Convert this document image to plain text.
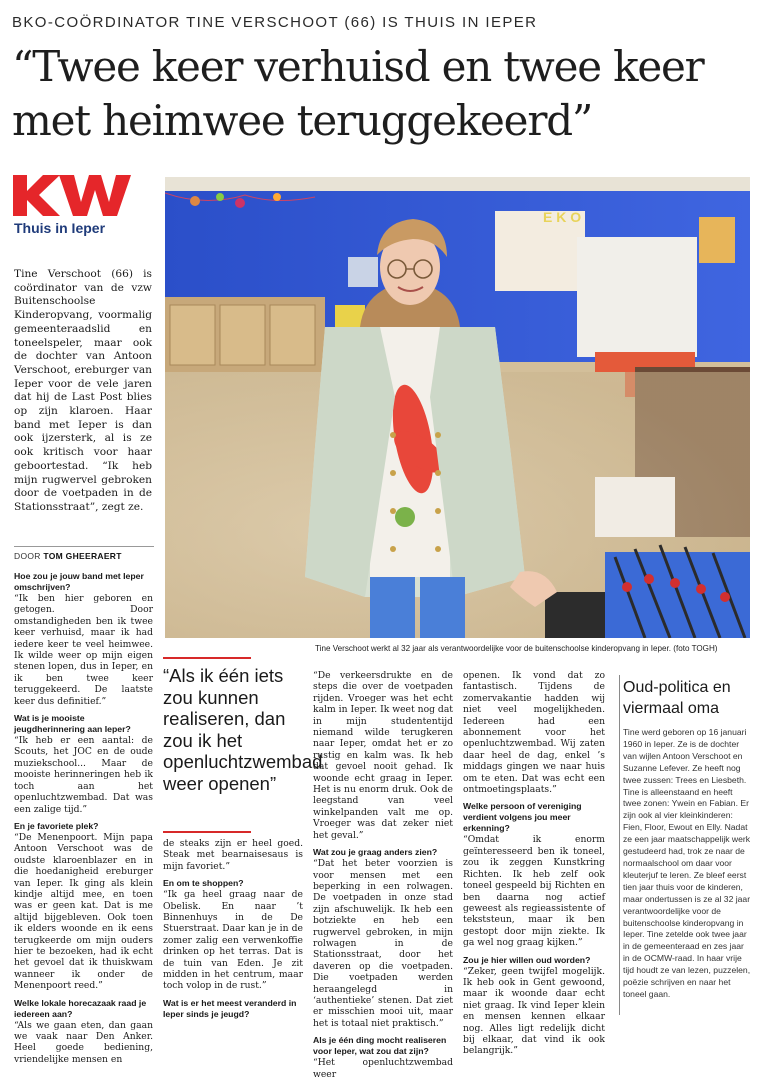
BKO-COÖRDINATOR TINE VERSCHOOT (66) IS THUIS IN IEPER
“Twee keer verhuisd en twee keer
met heimwee teruggekeerd”
Thuis in Ieper
E K O
Tine Verschoot werkt al 32 jaar als verantwoordelijke voor de buitenschoolse kinderopvang in Ieper. (foto TOGH)
Tine Verschoot (66) is coördinator van de vzw Buitenschoolse Kinderopvang, voormalig gemeenteraadslid en toneelspeler, maar ook de dochter van Antoon Verschoot, ereburger van Ieper voor de vele jaren dat hij de Last Post blies op zijn klaroen. Haar band met Ieper is dan ook ijzersterk, al is ze ook kritisch voor haar geboortestad. “Ik heb mijn rugwervel gebroken door de voetpaden in de Stationsstraat”, zegt ze.
DOOR TOM GHEERAERT

Hoe zou je jouw band met Ieper omschrijven?

“Ik ben hier geboren en getogen. Door omstandigheden ben ik twee keer verhuisd, maar ik had iedere keer te veel heimwee. Ik wilde weer op mijn eigen stenen lopen, dus in Ieper, en ik ben twee keer teruggekeerd. De laatste keer dus definitief.”

Wat is je mooiste jeugdherinnering aan Ieper?

“Ik heb er een aantal: de Scouts, het JOC en de oude muziekschool... Maar de mooiste herinneringen heb ik toch aan het openluchtzwembad. Dat was een zalige tijd.”

En je favoriete plek?

“De Menenpoort. Mijn papa Antoon Verschoot was de oudste klaroenblazer en in die hoedanigheid ereburger van Ieper. Ik ging als klein kindje altijd mee, en toen was er geen kat. Dat is me altijd bijgebleven. Ook toen ik elders woonde en ik eens terugkeerde om mijn ouders hier te bezoeken, had ik echt het gevoel dat ik thuiskwam wanneer ik onder de Menenpoort reed.”

Welke lokale horecazaak raad je iedereen aan?

“Als we gaan eten, dan gaan we vaak naar Den Anker. Heel goede bediening, vriendelijke mensen en

“Als ik één iets zou kunnen realiseren, dan zou ik het openluchtzwembad weer openen”

de steaks zijn er heel goed. Steak met bearnaisesaus is mijn favoriet.”

En om te shoppen?

“Ik ga heel graag naar de Obelisk. En naar ’t Binnenhuys in de De Stuerstraat. Daar kan je in de zomer zalig een verwenkoffie drinken op het terras. Dat is de tuin van Eden. Je zit midden in het centrum, maar toch volop in de rust.”

Wat is er het meest veranderd in Ieper sinds je jeugd?

“De verkeersdrukte en de steps die over de voetpaden rijden. Vroeger was het echt kalm in Ieper. Ik weet nog dat in mijn studententijd niemand wilde terugkeren naar Ieper, omdat het er zo rustig en kalm was. Ik heb dat gevoel nooit gehad. Ik woonde echt graag in Ieper. Het is nu enorm druk. Ook de leegstand van veel winkelpanden valt me op. Vroeger was dat zeker niet het geval.”

Wat zou je graag anders zien?

“Dat het beter voorzien is voor mensen met een beperking in een rolwagen. De voetpaden in onze stad zijn afschuwelijk. Ik heb een botziekte en heb een rugwervel gebroken, in mijn rolwagen in de Stationsstraat, door het daveren op die voetpaden. Die voetpaden werden heraangelegd in ‘authentieke’ stenen. Dat ziet er misschien mooi uit, maar het is totaal niet praktisch.”

Als je één ding mocht realiseren voor Ieper, wat zou dat zijn?

“Het openluchtzwembad weer

openen. Ik vond dat zo fantastisch. Tijdens de zomervakantie hadden wij niet veel mogelijkheden. Iedereen had een abonnement voor het openluchtzwembad. Wij zaten daar heel de dag, enkel ’s middags gingen we naar huis om te eten. Dat was echt een ontmoetingsplaats.”

Welke persoon of vereniging verdient volgens jou meer erkenning?

“Omdat ik enorm geïnteresseerd ben ik toneel, zou ik zeggen Kunstkring Richten. Ik heb zelf ook toneel gespeeld bij Richten en ben daarna nog actief geweest als regieassistente of tekststeun, maar ik ben gestopt door mijn ziekte. Ik ga wel nog graag kijken.”

Zou je hier willen oud worden?

“Zeker, geen twijfel mogelijk. Ik heb ook in Gent gewoond, maar ik woonde daar echt niet graag. Ik vind Ieper klein en mensen kennen elkaar nog. Alles ligt redelijk dicht bij elkaar, dat vind ik ook belangrijk.”

Oud-politica en viermaal oma
Tine werd geboren op 16 januari 1960 in Ieper. Ze is de dochter van wijlen Antoon Verschoot en Suzanne Lefever. Ze heeft nog twee zussen: Trees en Liesbeth. Tine is alleenstaand en heeft twee zonen: Ywein en Fabian. Er zijn ook al vier kleinkinderen: Fien, Floor, Ewout en Elly. Nadat ze een jaar maatschappelijk werk gestudeerd had, trok ze naar de normaalschool om daar voor kleuterjuf te leren. Ze bleef eerst tien jaar thuis voor de kinderen, maar ondertussen is ze al 32 jaar verantwoordelijke voor de buitenschoolse kinderopvang in Ieper. Tine zetelde ook twee jaar in de gemeenteraad en zes jaar in de OCMW-raad. In haar vrije tijd houdt ze van lezen, puzzelen, poëzie schrijven en naar het toneel gaan.
